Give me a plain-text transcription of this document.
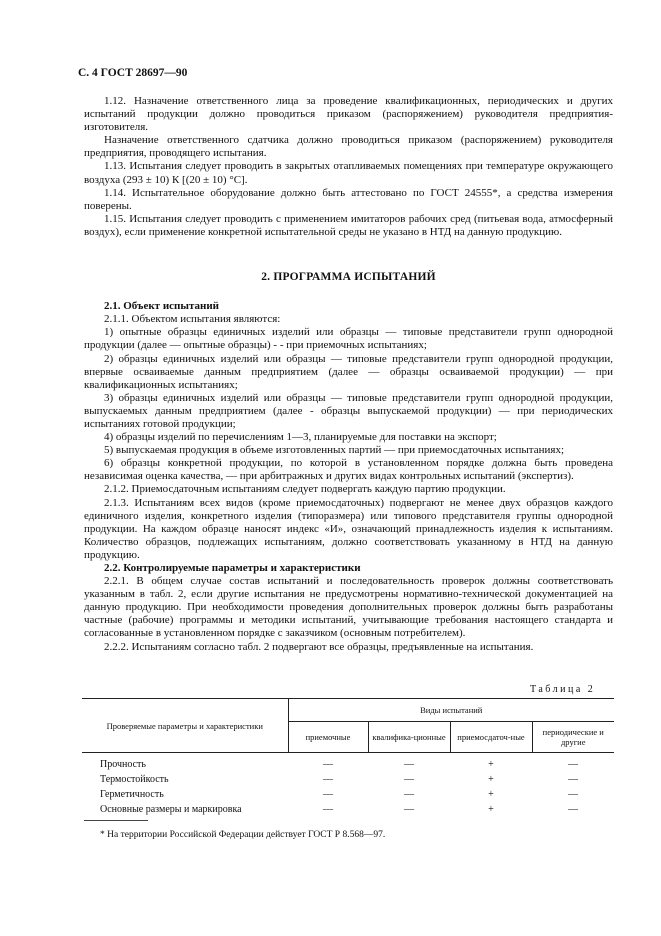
С. 4 ГОСТ 28697—90

1.12. Назначение ответственного лица за проведение квалификационных, периодических и других испытаний продукции должно проводиться приказом (распоряжением) руководителя предприятия-изготовителя.

Назначение ответственного сдатчика должно проводиться приказом (распоряжением) руководителя предприятия, проводящего испытания.

1.13. Испытания следует проводить в закрытых отапливаемых помещениях при температуре окружающего воздуха (293 ± 10) К [(20 ± 10) °С].

1.14. Испытательное оборудование должно быть аттестовано по ГОСТ 24555*, а средства измерения поверены.

1.15. Испытания следует проводить с применением имитаторов рабочих сред (питьевая вода, атмосферный воздух), если применение конкретной испытательной среды не указано в НТД на данную продукцию.

2. ПРОГРАММА ИСПЫТАНИЙ

2.1. Объект испытаний

2.1.1. Объектом испытания являются:

1) опытные образцы единичных изделий или образцы — типовые представители групп однородной продукции (далее — опытные образцы) - - при приемочных испытаниях;

2) образцы единичных изделий или образцы — типовые представители групп однородной продукции, впервые осваиваемые данным предприятием (далее — образцы осваиваемой продукции) — при квалификационных испытаниях;

3) образцы единичных изделий или образцы — типовые представители групп однородной продукции, выпускаемых данным предприятием (далее - образцы выпускаемой продукции) — при периодических испытаниях готовой продукции;

4) образцы изделий по перечислениям 1—3, планируемые для поставки на экспорт;

5) выпускаемая продукция в объеме изготовленных партий — при приемосдаточных испытаниях;

6) образцы конкретной продукции, по которой в установленном порядке должна быть проведена независимая оценка качества, — при арбитражных и других видах контрольных испытаний (экспертиз).

2.1.2. Приемосдаточным испытаниям следует подвергать каждую партию продукции.

2.1.3. Испытаниям всех видов (кроме приемосдаточных) подвергают не менее двух образцов каждого единичного изделия, конкретного изделия (типоразмера) или типового представителя группы однородной продукции. На каждом образце наносят индекс «И», означающий принадлежность изделия к испытаниям. Количество образцов, подлежащих испытаниям, должно соответствовать указанному в НТД на данную продукцию.

2.2. Контролируемые параметры и характеристики

2.2.1. В общем случае состав испытаний и последовательность проверок должны соответствовать указанным в табл. 2, если другие испытания не предусмотрены нормативно-технической документацией на данную продукцию. При необходимости проведения дополнительных проверок должны быть разработаны частные (рабочие) программы и методики испытаний, учитывающие требования настоящего стандарта и согласованные в установленном порядке с заказчиком (основным потребителем).

2.2.2. Испытаниям согласно табл. 2 подвергают все образцы, предъявленные на испытания.

Таблица 2
Проверяемые параметры и характеристики	Виды испытаний			
	приемочные	квалифика-ционные	приемосдаточ-ные	периодические и другие
Прочность	—	—	+	—
Термостойкость	—	—	+	—
Герметичность	—	—	+	—
Основные размеры и маркировка	—	—	+	—
* На территории Российской Федерации действует ГОСТ Р 8.568—97.
